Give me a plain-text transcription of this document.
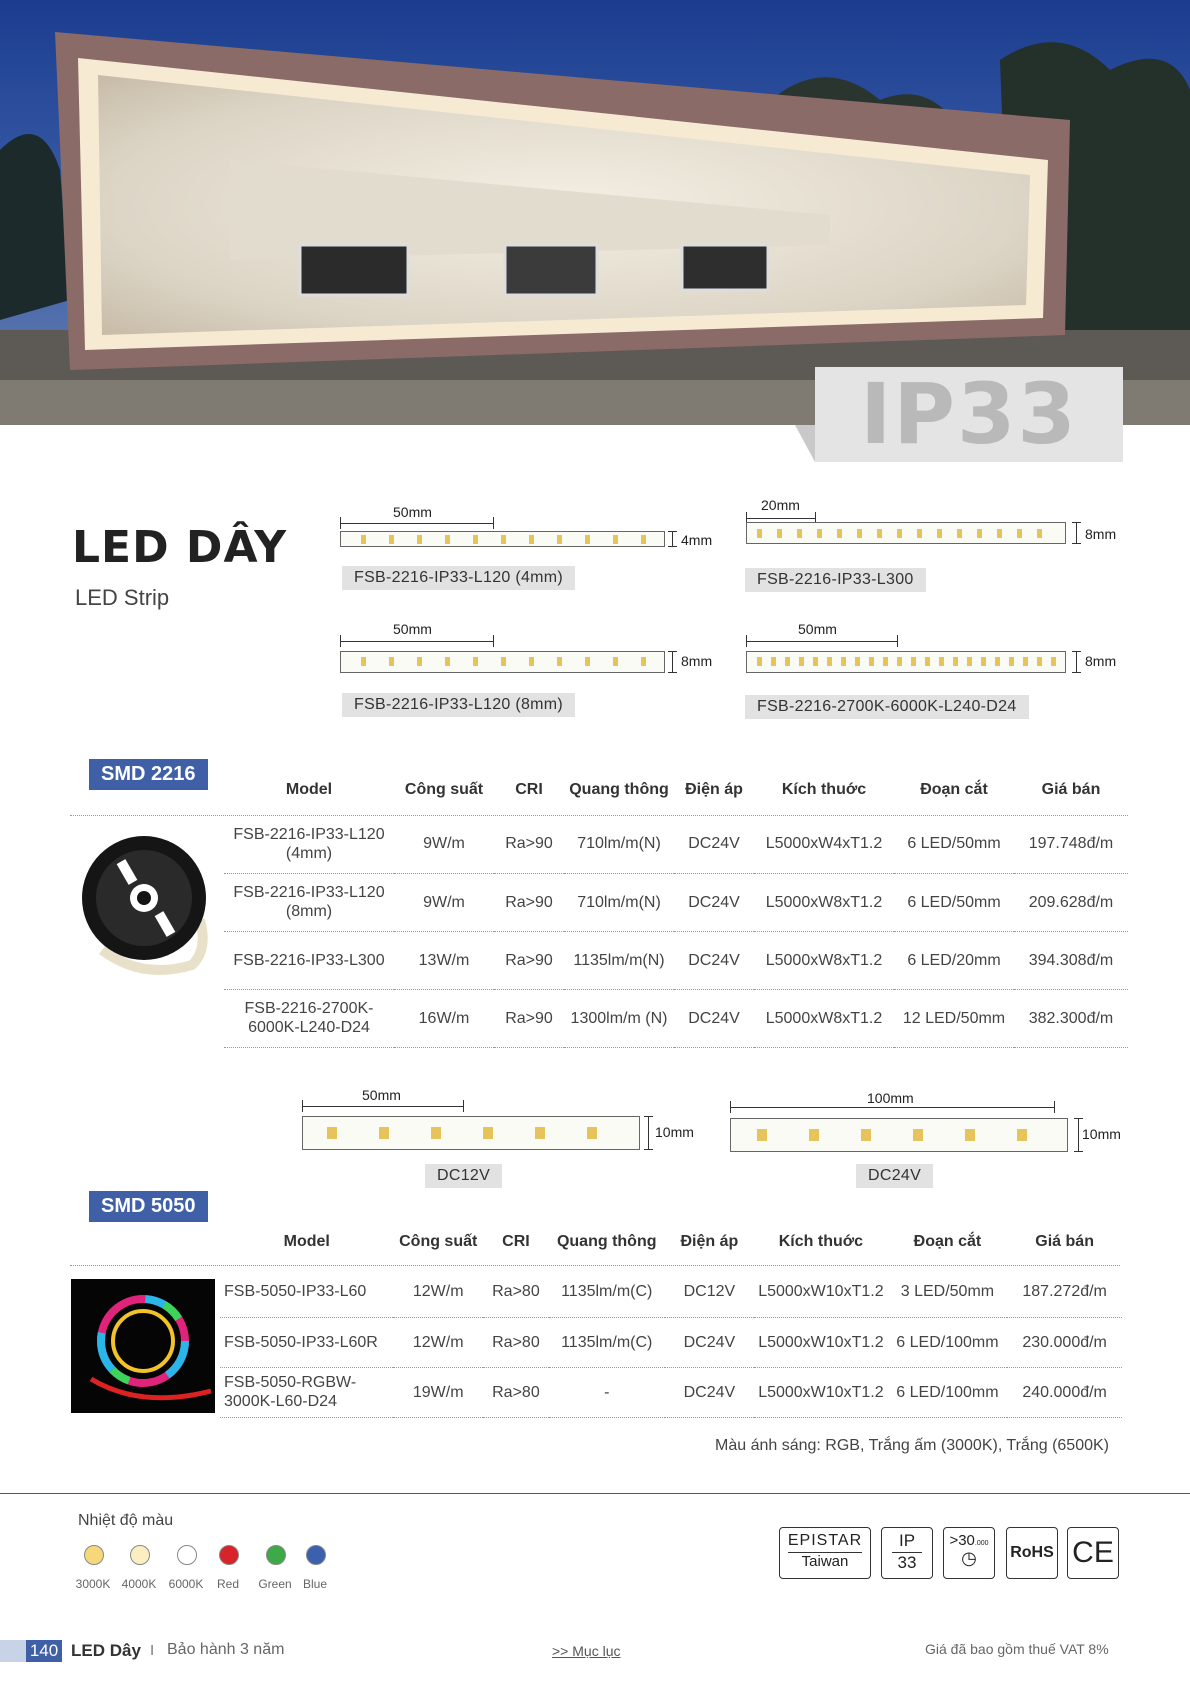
IP33
LED DÂY
LED Strip
50mm
4mm
FSB-2216-IP33-L120 (4mm)
20mm
8mm
FSB-2216-IP33-L300
50mm
8mm
FSB-2216-IP33-L120 (8mm)
50mm
8mm
FSB-2216-2700K-6000K-L240-D24
SMD 2216
Model	Công suất	CRI	Quang thông	Điện áp	Kích thuớc	Đoạn cắt	Giá bán
FSB-2216-IP33-L120 (4mm)	9W/m	Ra>90	710lm/m(N)	DC24V	L5000xW4xT1.2	6 LED/50mm	197.748đ/m
FSB-2216-IP33-L120 (8mm)	9W/m	Ra>90	710lm/m(N)	DC24V	L5000xW8xT1.2	6 LED/50mm	209.628đ/m
FSB-2216-IP33-L300	13W/m	Ra>90	1135lm/m(N)	DC24V	L5000xW8xT1.2	6 LED/20mm	394.308đ/m
FSB-2216-2700K-6000K-L240-D24	16W/m	Ra>90	1300lm/m (N)	DC24V	L5000xW8xT1.2	12 LED/50mm	382.300đ/m
50mm
10mm
DC12V
100mm
10mm
DC24V
SMD 5050
Model	Công suất	CRI	Quang thông	Điện áp	Kích thuớc	Đoạn cắt	Giá bán
FSB-5050-IP33-L60	12W/m	Ra>80	1135lm/m(C)	DC12V	L5000xW10xT1.2	3 LED/50mm	187.272đ/m
FSB-5050-IP33-L60R	12W/m	Ra>80	1135lm/m(C)	DC24V	L5000xW10xT1.2	6 LED/100mm	230.000đ/m
FSB-5050-RGBW-3000K-L60-D24	19W/m	Ra>80	-	DC24V	L5000xW10xT1.2	6 LED/100mm	240.000đ/m
Màu ánh sáng: RGB, Trắng ấm (3000K), Trắng (6500K)
Nhiệt độ màu
3000K 4000K	6000K	Red	Green Blue
EPISTAR
Taiwan
IP
33
>30.000
◷	RoHS CE
140 LED Dây I Bảo hành 3 năm	>> Mục lục	Giá đã bao gồm thuế VAT 8%
